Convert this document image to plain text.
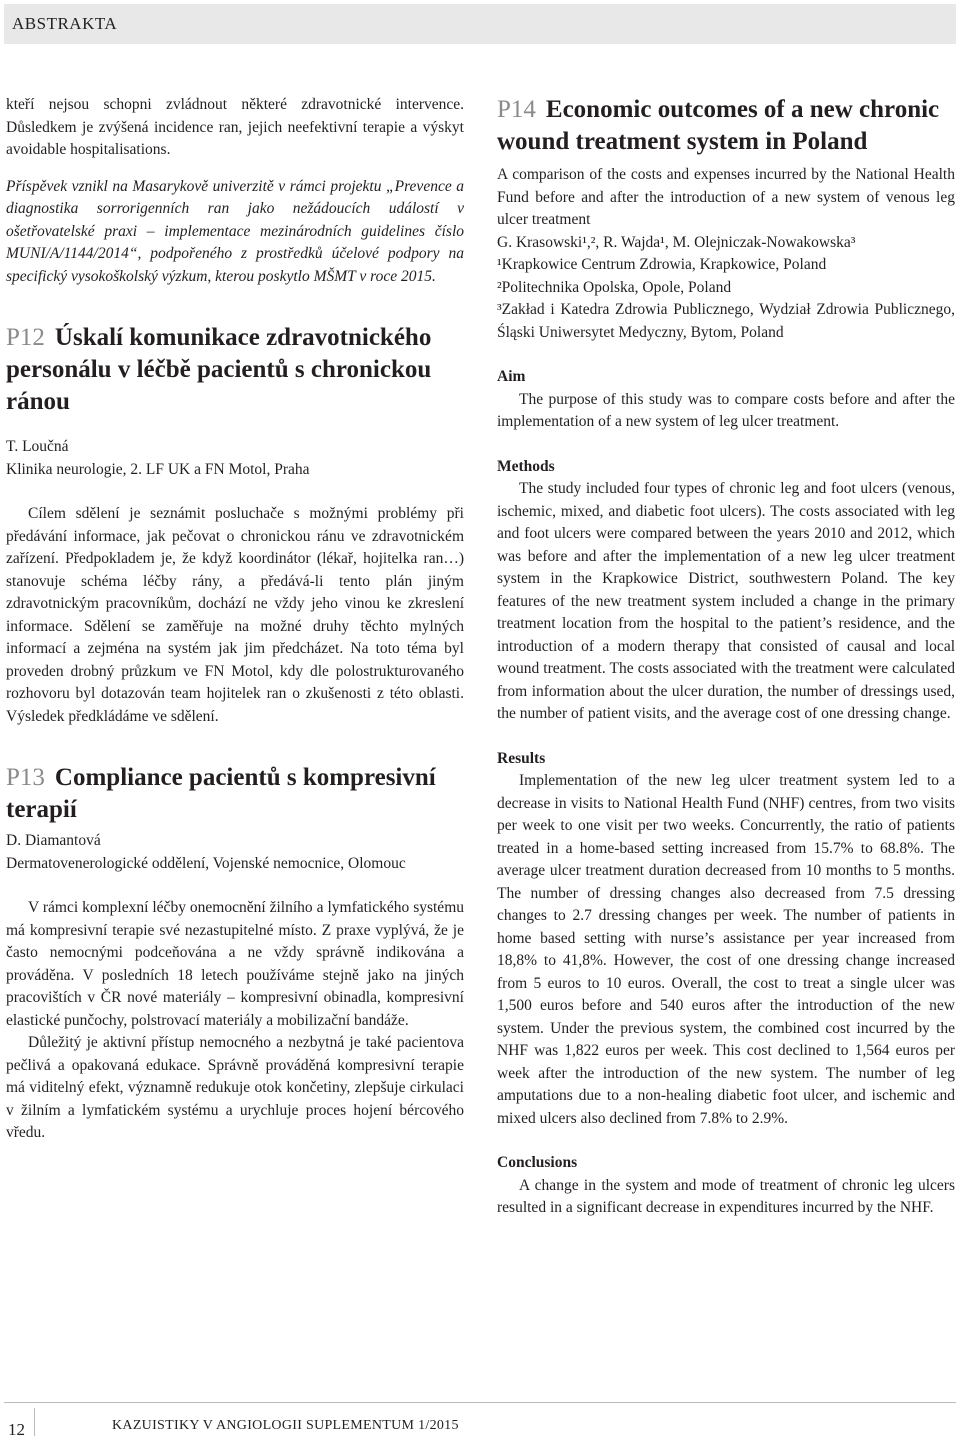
ABSTRAKTA

kteří nejsou schopni zvládnout některé zdravotnické intervence. Důsledkem je zvýšená incidence ran, jejich neefektivní terapie a výskyt avoidable hospitalisations.

Příspěvek vznikl na Masarykově univerzitě v rámci projektu „Prevence a diagnostika sorrorigenních ran jako nežádoucích událostí v ošetřovatelské praxi – implementace mezinárodních guidelines číslo MUNI/A/1144/2014“, podpořeného z prostředků účelové podpory na specifický vysokoškolský výzkum, kterou poskytlo MŠMT v roce 2015.

P12 Úskalí komunikace zdravotnického personálu v léčbě pacientů s chronickou ránou

T. Loučná

Klinika neurologie, 2. LF UK a FN Motol, Praha

Cílem sdělení je seznámit posluchače s možnými problémy při předávání informace, jak pečovat o chronickou ránu ve zdravotnickém zařízení. Předpokladem je, že když koordinátor (lékař, hojitelka ran…) stanovuje schéma léčby rány, a předává-li tento plán jiným zdravotnickým pracovníkům, dochází ne vždy jeho vinou ke zkreslení informace. Sdělení se zaměřuje na možné druhy těchto mylných informací a zejména na systém jak jim předcházet. Na toto téma byl proveden drobný průzkum ve FN Motol, kdy dle polostrukturovaného rozhovoru byl dotazován team hojitelek ran o zkušenosti z této oblasti. Výsledek předkládáme ve sdělení.

P13 Compliance pacientů s kompresivní terapií

D. Diamantová

Dermatovenerologické oddělení, Vojenské nemocnice, Olomouc

V rámci komplexní léčby onemocnění žilního a lymfatického systému má kompresivní terapie své nezastupitelné místo. Z praxe vyplývá, že je často nemocnými podceňována a ne vždy správně indikována a prováděna. V posledních 18 letech používáme stejně jako na jiných pracovištích v ČR nové materiály – kompresivní obinadla, kompresivní elastické punčochy, polstrovací materiály a mobilizační bandáže.

Důležitý je aktivní přístup nemocného a nezbytná je také pacientova pečlivá a opakovaná edukace. Správně prováděná kompresivní terapie má viditelný efekt, významně redukuje otok končetiny, zlepšuje cirkulaci v žilním a lymfatickém systému a urychluje proces hojení bércového vředu.

P14 Economic outcomes of a new chronic wound treatment system in Poland

A comparison of the costs and expenses incurred by the National Health Fund before and after the introduction of a new system of venous leg ulcer treatment

G. Krasowski¹,², R. Wajda¹, M. Olejniczak-Nowakowska³

¹Krapkowice Centrum Zdrowia, Krapkowice, Poland

²Politechnika Opolska, Opole, Poland

³Zakład i Katedra Zdrowia Publicznego, Wydział Zdrowia Publicznego, Śląski Uniwersytet Medyczny, Bytom, Poland

Aim

The purpose of this study was to compare costs before and after the implementation of a new system of leg ulcer treatment.

Methods

The study included four types of chronic leg and foot ulcers (venous, ischemic, mixed, and diabetic foot ulcers). The costs associated with leg and foot ulcers were compared between the years 2010 and 2012, which was before and after the implementation of a new leg ulcer treatment system in the Krapkowice District, southwestern Poland. The key features of the new treatment system included a change in the primary treatment location from the hospital to the patient’s residence, and the introduction of a modern therapy that consisted of causal and local wound treatment. The costs associated with the treatment were calculated from information about the ulcer duration, the number of dressings used, the number of patient visits, and the average cost of one dressing change.

Results

Implementation of the new leg ulcer treatment system led to a decrease in visits to National Health Fund (NHF) centres, from two visits per week to one visit per two weeks. Concurrently, the ratio of patients treated in a home-based setting increased from 15.7% to 68.8%. The average ulcer treatment duration decreased from 10 months to 5 months. The number of dressing changes also decreased from 7.5 dressing changes to 2.7 dressing changes per week. The number of patients in home based setting with nurse’s assistance per year increased from 18,8% to 41,8%. However, the cost of one dressing change increased from 5 euros to 10 euros. Overall, the cost to treat a single ulcer was 1,500 euros before and 540 euros after the introduction of the new system. Under the previous system, the combined cost incurred by the NHF was 1,822 euros per week. This cost declined to 1,564 euros per week after the introduction of the new system. The number of leg amputations due to a non-healing diabetic foot ulcer, and ischemic and mixed ulcers also declined from 7.8% to 2.9%.

Conclusions

A change in the system and mode of treatment of chronic leg ulcers resulted in a significant decrease in expenditures incurred by the NHF.

12	KAZUISTIKY V ANGIOLOGII SUPLEMENTUM 1/2015
